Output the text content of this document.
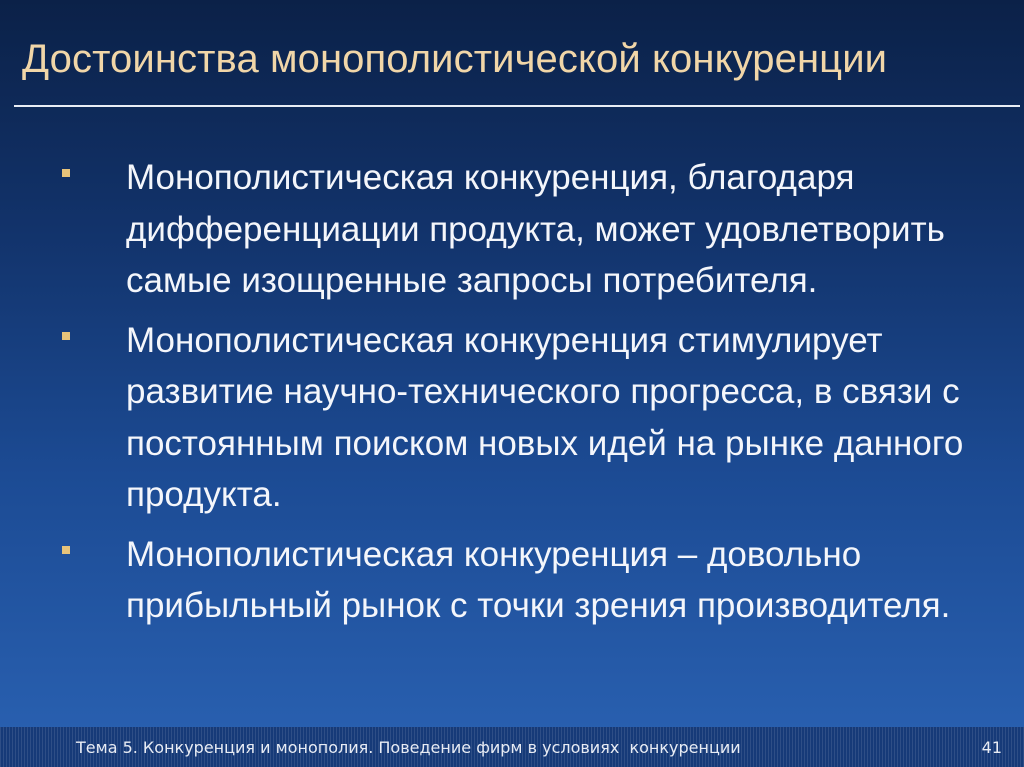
Достоинства монополистической конкуренции
Монополистическая конкуренция, благодаря дифференциации продукта, может удовлетворить самые изощренные запросы потребителя.
Монополистическая конкуренция стимулирует развитие научно-технического прогресса, в связи с постоянным поиском новых идей на рынке данного продукта.
Монополистическая конкуренция – довольно прибыльный рынок с точки зрения производителя.
Тема 5. Конкуренция и монополия. Поведение фирм в условиях  конкуренции	41
